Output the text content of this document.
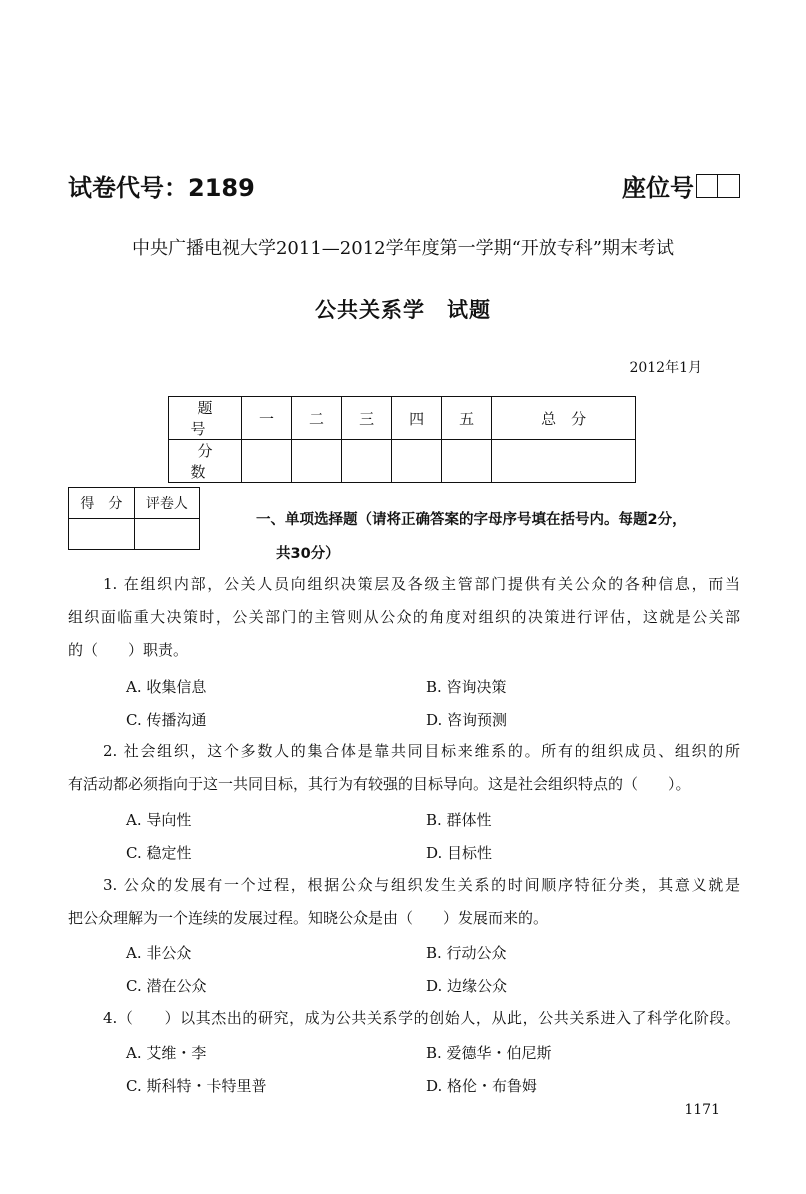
试卷代号：2189	座位号
中央广播电视大学2011—2012学年度第一学期“开放专科”期末考试
公共关系学　试题
2012年1月
题　号	一	二	三	四	五	总　分
分　数						
得　分	评卷人

一、单项选择题（请将正确答案的字母序号填在括号内。每题2分，
共30分）
1. 在组织内部，公关人员向组织决策层及各级主管部门提供有关公众的各种信息，而当
组织面临重大决策时，公关部门的主管则从公众的角度对组织的决策进行评估，这就是公关部
的（　　）职责。
A. 收集信息	B. 咨询决策
C. 传播沟通	D. 咨询预测
2. 社会组织，这个多数人的集合体是靠共同目标来维系的。所有的组织成员、组织的所
有活动都必须指向于这一共同目标，其行为有较强的目标导向。这是社会组织特点的（　　）。
A. 导向性	B. 群体性
C. 稳定性	D. 目标性
3. 公众的发展有一个过程，根据公众与组织发生关系的时间顺序特征分类，其意义就是
把公众理解为一个连续的发展过程。知晓公众是由（　　）发展而来的。
A. 非公众	B. 行动公众
C. 潜在公众	D. 边缘公众
4.（　　）以其杰出的研究，成为公共关系学的创始人，从此，公共关系进入了科学化阶段。
A. 艾维・李	B. 爱德华・伯尼斯
C. 斯科特・卡特里普	D. 格伦・布鲁姆
1171
